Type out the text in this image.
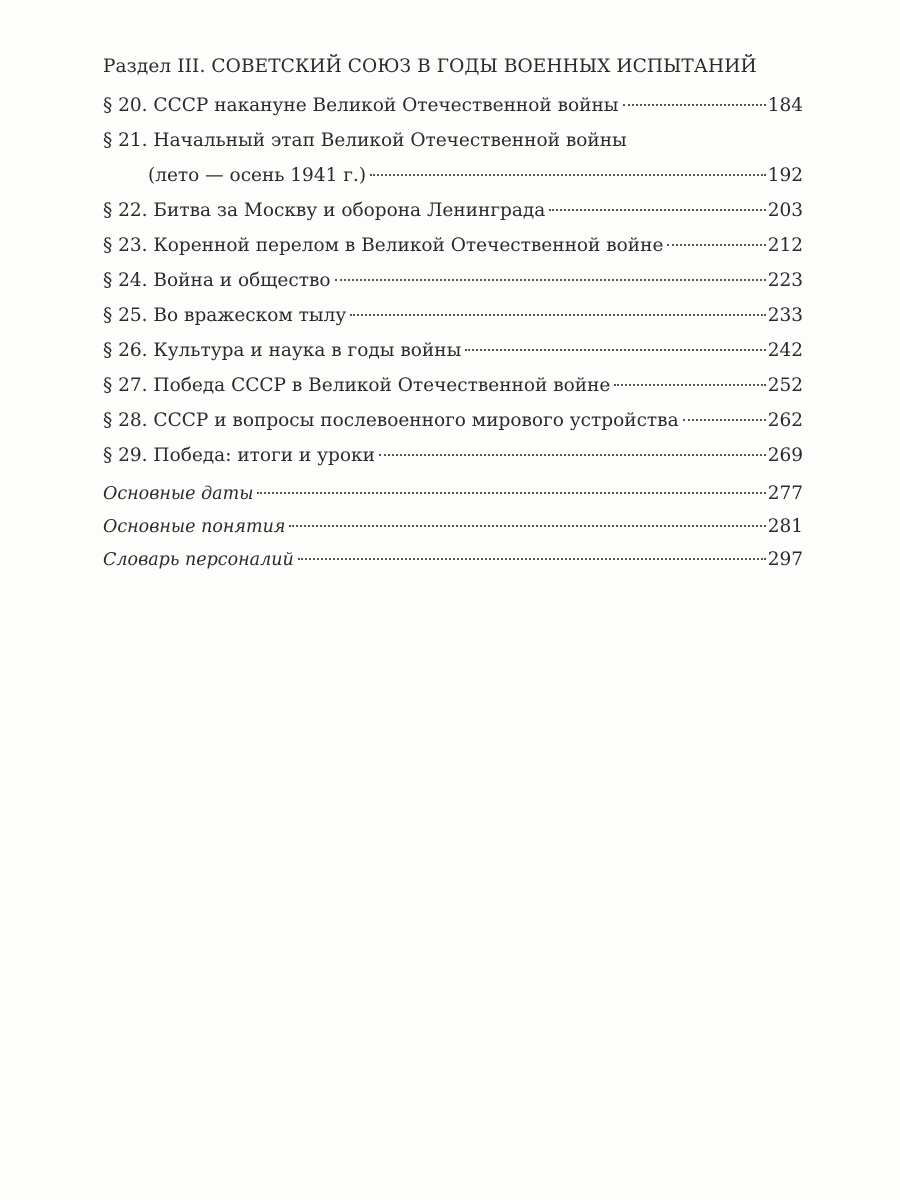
Раздел III. СОВЕТСКИЙ СОЮЗ В ГОДЫ ВОЕННЫХ ИСПЫТАНИЙ
§ 20. СССР накануне Великой Отечественной войны	184
§ 21. Начальный этап Великой Отечественной войны
(лето — осень 1941 г.)	192
§ 22. Битва за Москву и оборона Ленинграда	203
§ 23. Коренной перелом в Великой Отечественной войне	212
§ 24. Война и общество	223
§ 25. Во вражеском тылу	233
§ 26. Культура и наука в годы войны	242
§ 27. Победа СССР в Великой Отечественной войне	252
§ 28. СССР и вопросы послевоенного мирового устройства	262
§ 29. Победа: итоги и уроки	269
Основные даты	277
Основные понятия	281
Словарь персоналий	297
